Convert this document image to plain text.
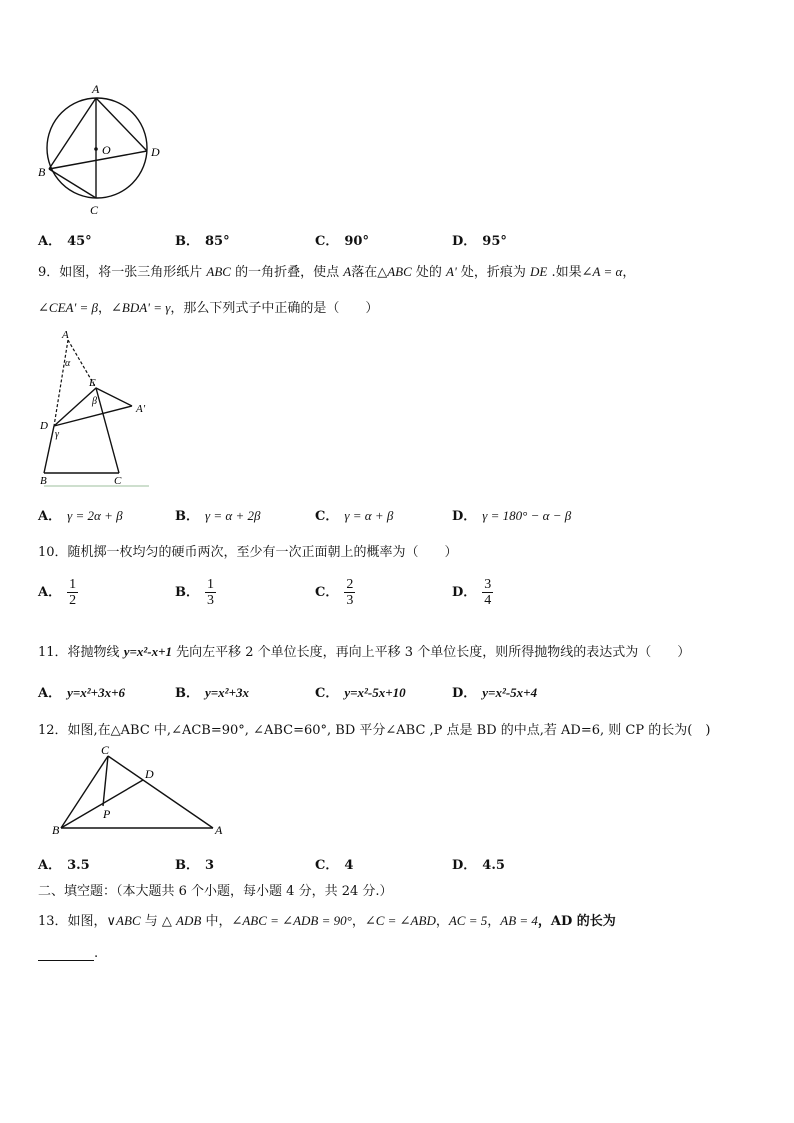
A
O	D
B
C
A． 45°	B． 85°	C． 90°	D． 95°
9．如图，将一张三角形纸片 ABC 的一角折叠，使点 A落在△ABC 处的 A' 处，折痕为 DE .如果∠A = α，
∠CEA' = β，∠BDA' = γ，那么下列式子中正确的是（　　）
A
α
E
β
A'
D
γ
B	C
A． γ = 2α + β	B． γ = α + 2β	C． γ = α + β	D． γ = 180° − α − β
10．随机掷一枚均匀的硬币两次，至少有一次正面朝上的概率为（　　）
A． $\frac{1}{2}$	B． $\frac{1}{3}$	C． $\frac{2}{3}$	D． $\frac{3}{4}$
11．将抛物线 y=x²-x+1 先向左平移 2 个单位长度，再向上平移 3 个单位长度，则所得抛物线的表达式为（　　）
A． y=x²+3x+6	B． y=x²+3x	C． y=x²-5x+10	D． y=x²-5x+4
12．如图,在△ABC 中,∠ACB=90°, ∠ABC=60°, BD 平分∠ABC ,P 点是 BD 的中点,若 AD=6, 则 CP 的长为(　)
C
D
P
B	A
A． 3.5	B． 3	C． 4	D． 4.5
二、填空题：（本大题共 6 个小题，每小题 4 分，共 24 分.）
13．如图，∨ABC 与 △ ADB 中，∠ABC = ∠ADB = 90°，∠C = ∠ABD，AC = 5，AB = 4，AD 的长为
.
